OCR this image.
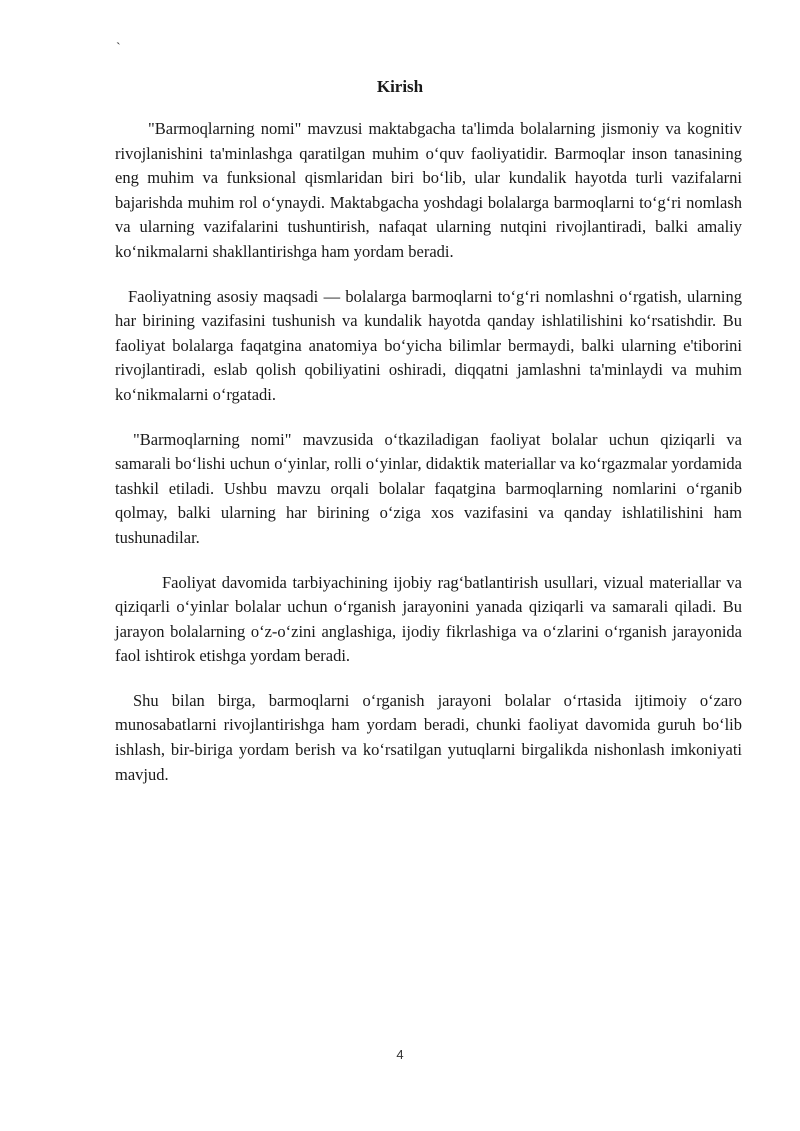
`
Kirish

"Barmoqlarning nomi" mavzusi maktabgacha ta'limda bolalarning jismoniy va kognitiv rivojlanishini ta'minlashga qaratilgan muhim o‘quv faoliyatidir. Barmoqlar inson tanasining eng muhim va funksional qismlaridan biri bo‘lib, ular kundalik hayotda turli vazifalarni bajarishda muhim rol o‘ynaydi. Maktabgacha yoshdagi bolalarga barmoqlarni to‘g‘ri nomlash va ularning vazifalarini tushuntirish, nafaqat ularning nutqini rivojlantiradi, balki amaliy ko‘nikmalarni shakllantirishga ham yordam beradi.

Faoliyatning asosiy maqsadi — bolalarga barmoqlarni to‘g‘ri nomlashni o‘rgatish, ularning har birining vazifasini tushunish va kundalik hayotda qanday ishlatilishini ko‘rsatishdir. Bu faoliyat bolalarga faqatgina anatomiya bo‘yicha bilimlar bermaydi, balki ularning e'tiborini rivojlantiradi, eslab qolish qobiliyatini oshiradi, diqqatni jamlashni ta'minlaydi va muhim ko‘nikmalarni o‘rgatadi.

"Barmoqlarning nomi" mavzusida o‘tkaziladigan faoliyat bolalar uchun qiziqarli va samarali bo‘lishi uchun o‘yinlar, rolli o‘yinlar, didaktik materiallar va ko‘rgazmalar yordamida tashkil etiladi. Ushbu mavzu orqali bolalar faqatgina barmoqlarning nomlarini o‘rganib qolmay, balki ularning har birining o‘ziga xos vazifasini va qanday ishlatilishini ham tushunadilar.

Faoliyat davomida tarbiyachining ijobiy rag‘batlantirish usullari, vizual materiallar va qiziqarli o‘yinlar bolalar uchun o‘rganish jarayonini yanada qiziqarli va samarali qiladi. Bu jarayon bolalarning o‘z-o‘zini anglashiga, ijodiy fikrlashiga va o‘zlarini o‘rganish jarayonida faol ishtirok etishga yordam beradi.

Shu bilan birga, barmoqlarni o‘rganish jarayoni bolalar o‘rtasida ijtimoiy o‘zaro munosabatlarni rivojlantirishga ham yordam beradi, chunki faoliyat davomida guruh bo‘lib ishlash, bir-biriga yordam berish va ko‘rsatilgan yutuqlarni birgalikda nishonlash imkoniyati mavjud.

4
